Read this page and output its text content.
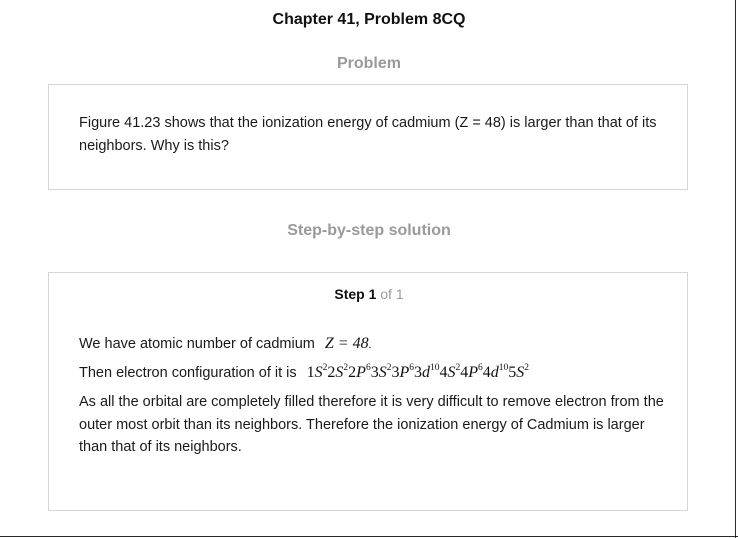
Chapter 41, Problem 8CQ
Problem
Figure 41.23 shows that the ionization energy of cadmium (Z = 48) is larger than that of its neighbors. Why is this?
Step-by-step solution
Step 1 of 1
We have atomic number of cadmium Z = 48.
Then electron configuration of it is $1S^22S^22P^63S^23P^63d^{10}4S^24P^64d^{10}5S^2$
As all the orbital are completely filled therefore it is very difficult to remove electron from the outer most orbit than its neighbors. Therefore the ionization energy of Cadmium is larger than that of its neighbors.
